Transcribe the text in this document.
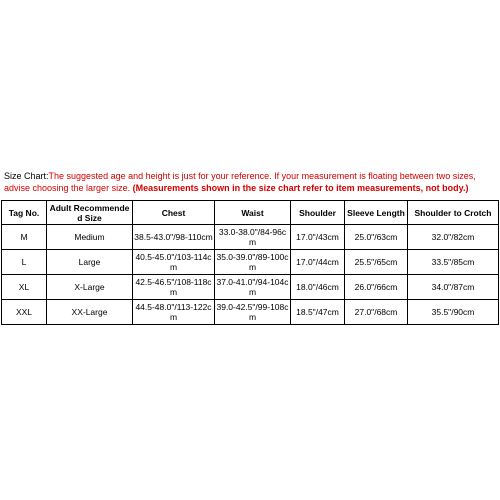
Size Chart:The suggested age and height is just for your reference. If your measurement is floating between two sizes, advise choosing the larger size. (Measurements shown in the size chart refer to item measurements, not body.)

Tag No.	Adult Recommended Size	Chest	Waist	Shoulder	Sleeve Length	Shoulder to Crotch
M	Medium	38.5-43.0"/98-110cm	33.0-38.0"/84-96cm	17.0"/43cm	25.0"/63cm	32.0"/82cm
L	Large	40.5-45.0"/103-114cm	35.0-39.0"/89-100cm	17.0"/44cm	25.5"/65cm	33.5"/85cm
XL	X-Large	42.5-46.5"/108-118cm	37.0-41.0"/94-104cm	18.0"/46cm	26.0"/66cm	34.0"/87cm
XXL	XX-Large	44.5-48.0"/113-122cm	39.0-42.5"/99-108cm	18.5"/47cm	27.0"/68cm	35.5"/90cm
